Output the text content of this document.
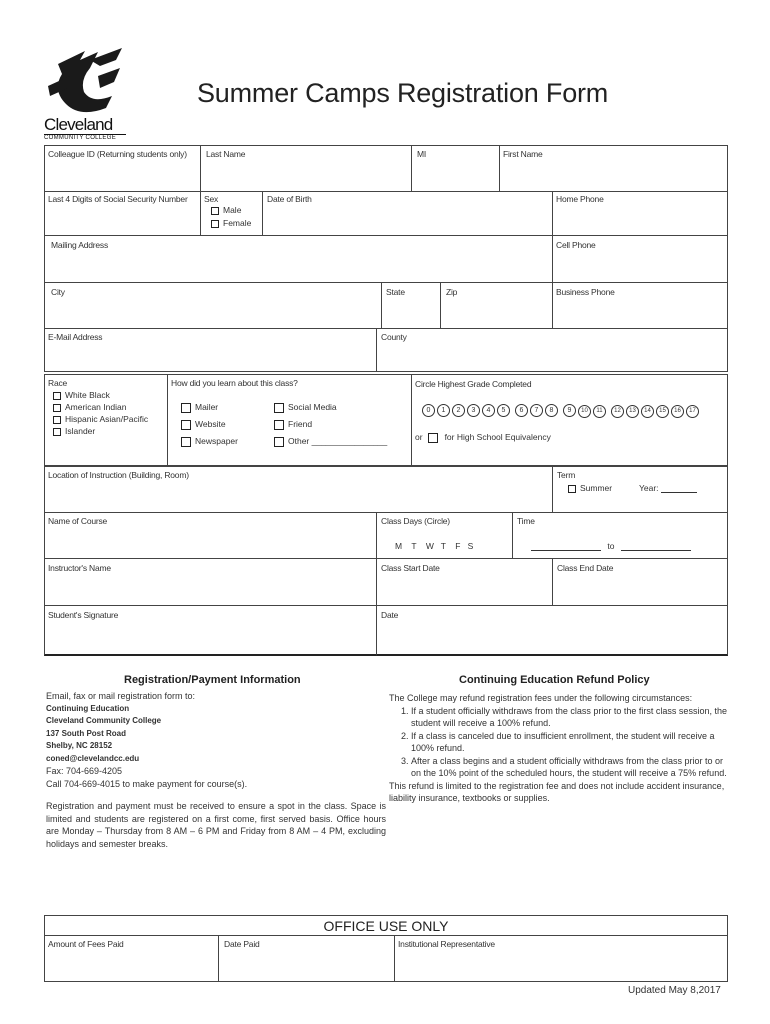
Cleveland
COMMUNITY COLLEGE
Summer Camps Registration Form
Colleague ID (Returning students only) Last Name	MI	First Name
Last 4 Digits of Social Security Number Sex
Male
Female
Date of Birth	Home Phone
Mailing Address	Cell Phone
City	State	Zip	Business Phone
E-Mail Address	County
Race
White Black
American Indian
Hispanic Asian/Pacific
Islander
How did you learn about this class?
Mailer
Website
Newspaper
Social Media
Friend
Other ________________
Circle Highest Grade Completed
0 1 2 3 4 5 6 7 8 9 10 11 12 13 14 15 16 17
or	for High School Equivalency
Location of Instruction (Building, Room)	Term
Summer	Year:
Name of Course	Class Days (Circle)
M    T    W   T    F   S
Time
to
Instructor's Name	Class Start Date	Class End Date
Student's Signature	Date
Registration/Payment Information
Email, fax or mail registration form to:
Continuing Education
Cleveland Community College
137 South Post Road
Shelby, NC 28152
coned@clevelandcc.edu
Fax: 704-669-4205
Call 704-669-4015 to make payment for course(s).
Registration and payment must be received to ensure a spot in the class. Space is limited and students are registered on a first come, first served basis. Office hours are Monday – Thursday from 8 AM – 6 PM and Friday from 8 AM – 4 PM, excluding holidays and semester breaks.
Continuing Education Refund Policy
The College may refund registration fees under the following circumstances:
1. If a student officially withdraws from the class prior to the first class session, the student will receive a 100% refund.
2. If a class is canceled due to insufficient enrollment, the student will receive a 100% refund.
3. After a class begins and a student officially withdraws from the class prior to or on the 10% point of the scheduled hours, the student will receive a 75% refund.
This refund is limited to the registration fee and does not include accident insurance, liability insurance, textbooks or supplies.
OFFICE USE ONLY
Amount of Fees Paid	Date Paid	Institutional Representative
Updated May 8,2017
